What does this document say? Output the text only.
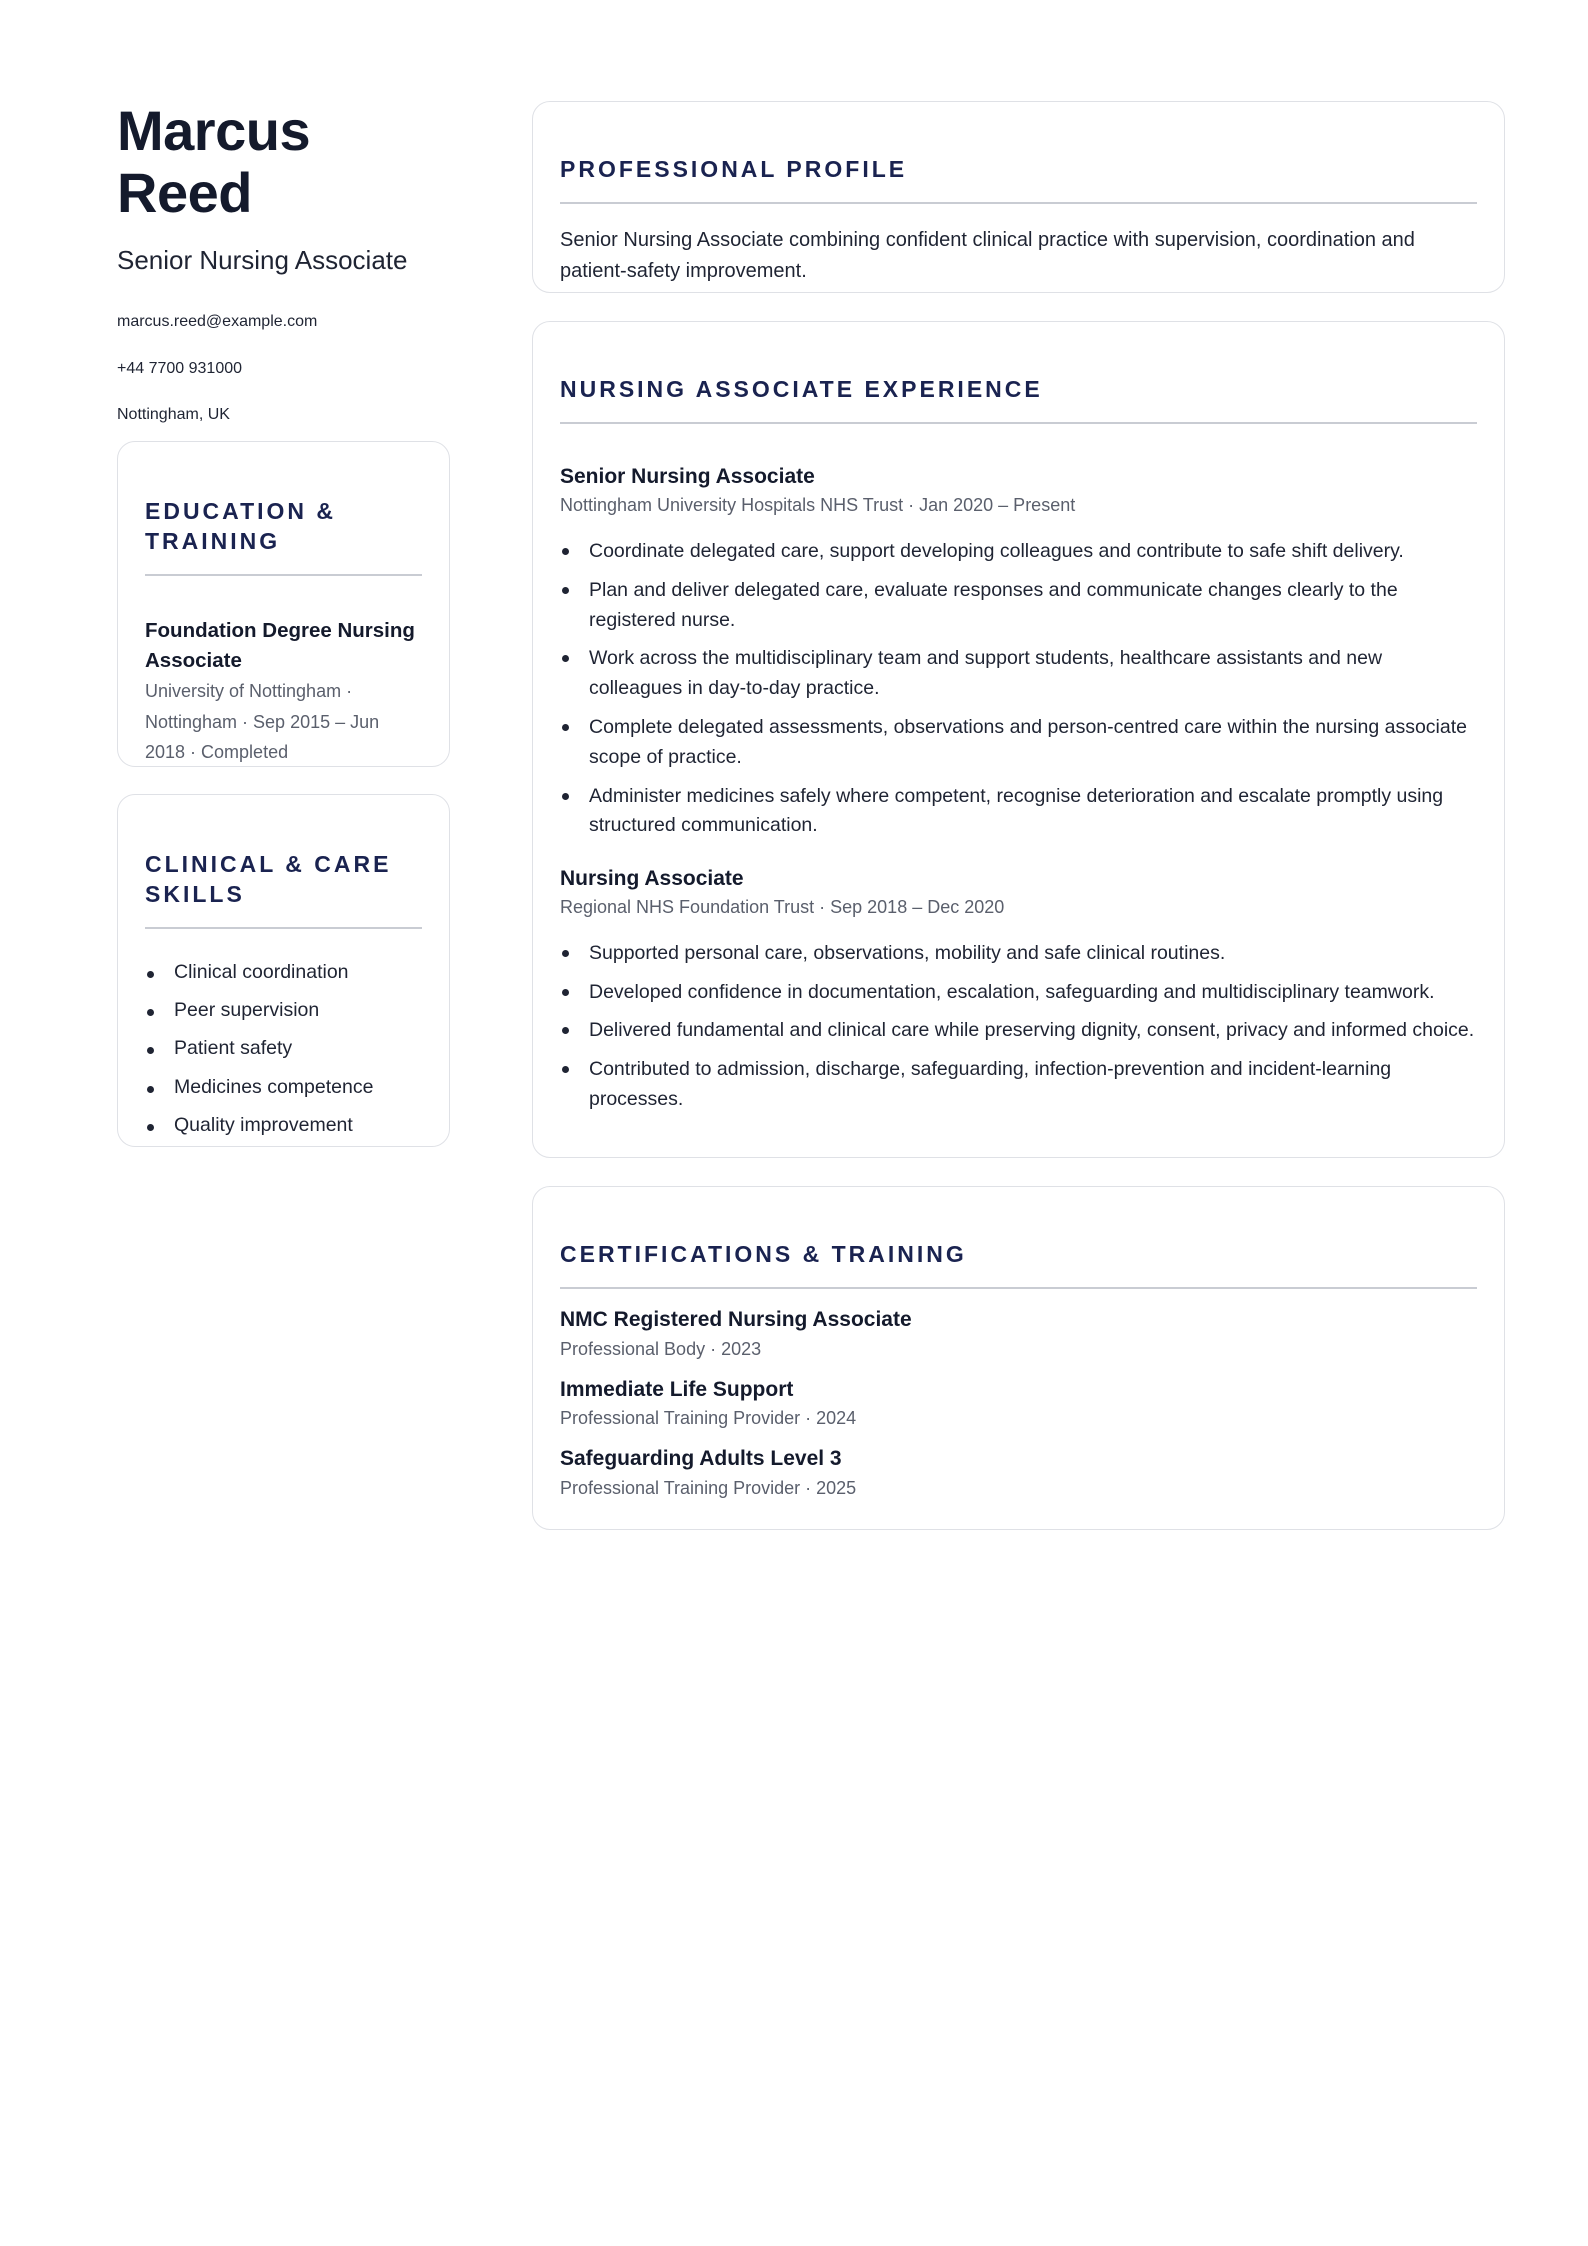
Marcus Reed
Senior Nursing Associate
marcus.reed@example.com
+44 7700 931000
Nottingham, UK
EDUCATION & TRAINING
Foundation Degree Nursing Associate
University of Nottingham · Nottingham · Sep 2015 – Jun 2018 · Completed
CLINICAL & CARE SKILLS
Clinical coordination
Peer supervision
Patient safety
Medicines competence
Quality improvement
PROFESSIONAL PROFILE
Senior Nursing Associate combining confident clinical practice with supervision, coordination and patient-safety improvement.
NURSING ASSOCIATE EXPERIENCE
Senior Nursing Associate
Nottingham University Hospitals NHS Trust · Jan 2020 – Present
Coordinate delegated care, support developing colleagues and contribute to safe shift delivery.
Plan and deliver delegated care, evaluate responses and communicate changes clearly to the registered nurse.
Work across the multidisciplinary team and support students, healthcare assistants and new colleagues in day-to-day practice.
Complete delegated assessments, observations and person-centred care within the nursing associate scope of practice.
Administer medicines safely where competent, recognise deterioration and escalate promptly using structured communication.
Nursing Associate
Regional NHS Foundation Trust · Sep 2018 – Dec 2020
Supported personal care, observations, mobility and safe clinical routines.
Developed confidence in documentation, escalation, safeguarding and multidisciplinary teamwork.
Delivered fundamental and clinical care while preserving dignity, consent, privacy and informed choice.
Contributed to admission, discharge, safeguarding, infection-prevention and incident-learning processes.
CERTIFICATIONS & TRAINING
NMC Registered Nursing Associate
Professional Body · 2023
Immediate Life Support
Professional Training Provider · 2024
Safeguarding Adults Level 3
Professional Training Provider · 2025
